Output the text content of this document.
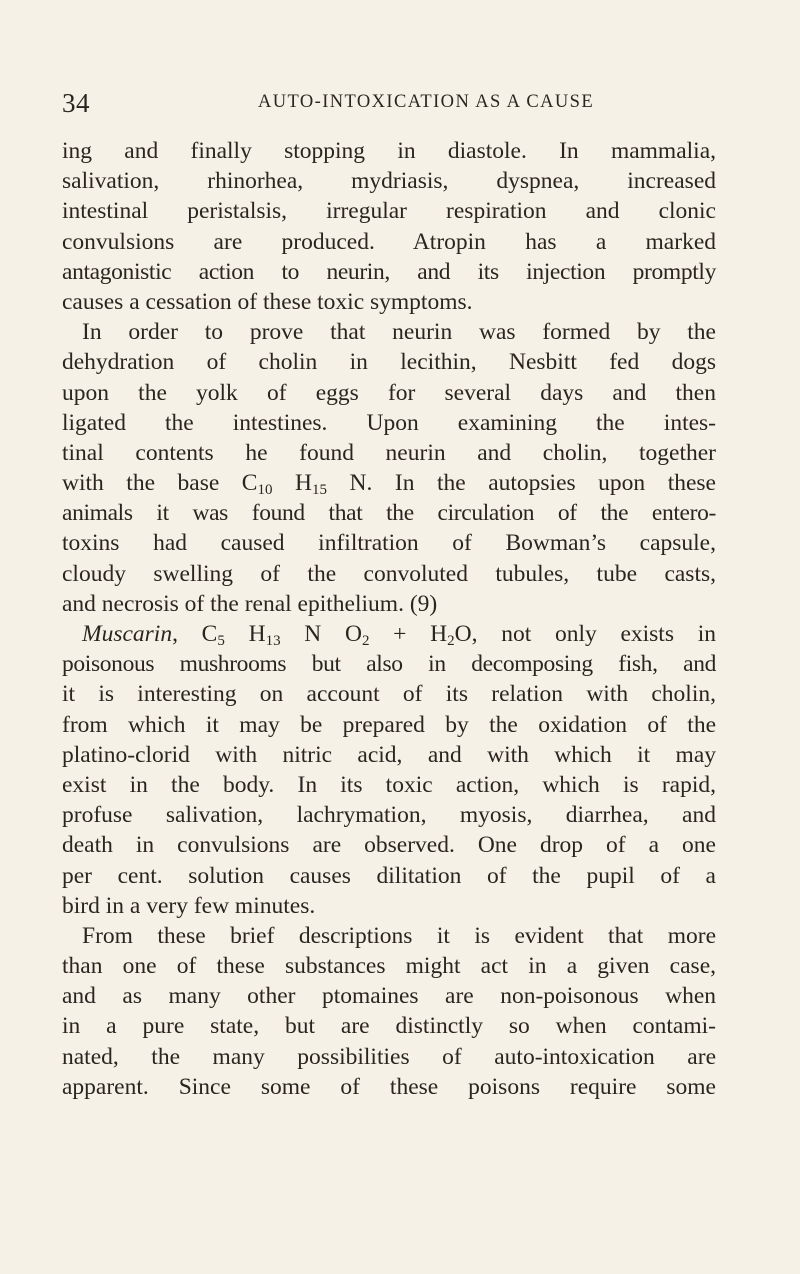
34	AUTO-INTOXICATION AS A CAUSE
ing and finally stopping in diastole. In mammalia,
salivation, rhinorhea, mydriasis, dyspnea, increased
intestinal peristalsis, irregular respiration and clonic
convulsions are produced. Atropin has a marked
antagonistic action to neurin, and its injection promptly
causes a cessation of these toxic symptoms.
In order to prove that neurin was formed by the
dehydration of cholin in lecithin, Nesbitt fed dogs
upon the yolk of eggs for several days and then
ligated the intestines. Upon examining the intes-
tinal contents he found neurin and cholin, together
with the base $C_{10}$ $H_{15}$ N. In the autopsies upon these
animals it was found that the circulation of the entero-
toxins had caused infiltration of Bowman’s capsule,
cloudy swelling of the convoluted tubules, tube casts,
and necrosis of the renal epithelium. (9)
Muscarin, $C_5$ $H_{13}$ N $O_2 + H_2O$, not only exists in
poisonous mushrooms but also in decomposing fish, and
it is interesting on account of its relation with cholin,
from which it may be prepared by the oxidation of the
platino-clorid with nitric acid, and with which it may
exist in the body. In its toxic action, which is rapid,
profuse salivation, lachrymation, myosis, diarrhea, and
death in convulsions are observed. One drop of a one
per cent. solution causes dilitation of the pupil of a
bird in a very few minutes.
From these brief descriptions it is evident that more
than one of these substances might act in a given case,
and as many other ptomaines are non-poisonous when
in a pure state, but are distinctly so when contami-
nated, the many possibilities of auto-intoxication are
apparent. Since some of these poisons require some
